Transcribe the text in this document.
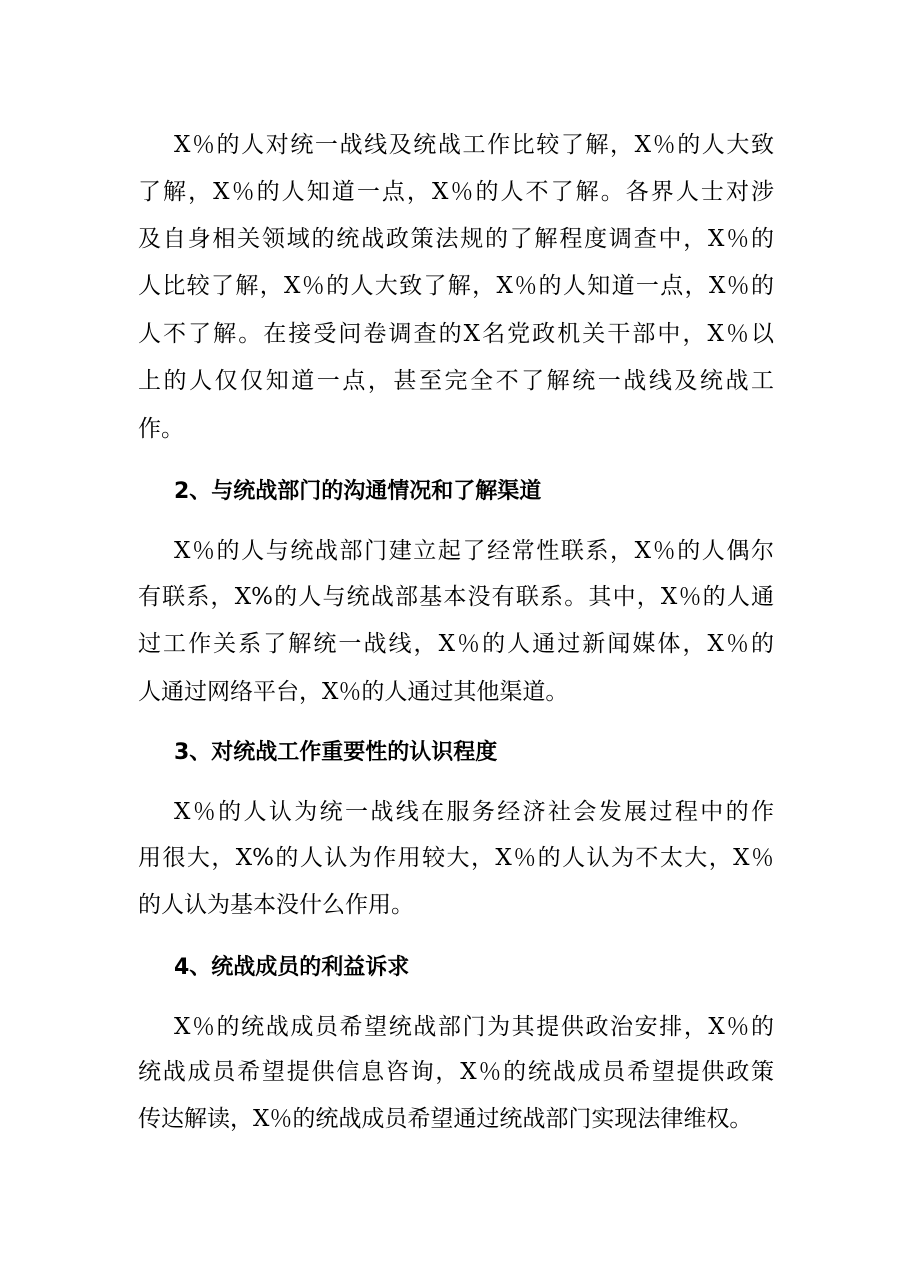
X％的人对统一战线及统战工作比较了解，X％的人大致
了解，X％的人知道一点，X％的人不了解。各界人士对涉
及自身相关领域的统战政策法规的了解程度调查中，X％的
人比较了解，X％的人大致了解，X％的人知道一点，X％的
人不了解。在接受问卷调查的X名党政机关干部中，X％以
上的人仅仅知道一点，甚至完全不了解统一战线及统战工
作。
2、与统战部门的沟通情况和了解渠道
X％的人与统战部门建立起了经常性联系，X％的人偶尔
有联系，X%的人与统战部基本没有联系。其中，X％的人通
过工作关系了解统一战线，X％的人通过新闻媒体，X％的
人通过网络平台，X％的人通过其他渠道。
3、对统战工作重要性的认识程度
X％的人认为统一战线在服务经济社会发展过程中的作
用很大，X%的人认为作用较大，X％的人认为不太大，X％
的人认为基本没什么作用。
4、统战成员的利益诉求
X％的统战成员希望统战部门为其提供政治安排，X％的
统战成员希望提供信息咨询，X％的统战成员希望提供政策
传达解读，X％的统战成员希望通过统战部门实现法律维权。
